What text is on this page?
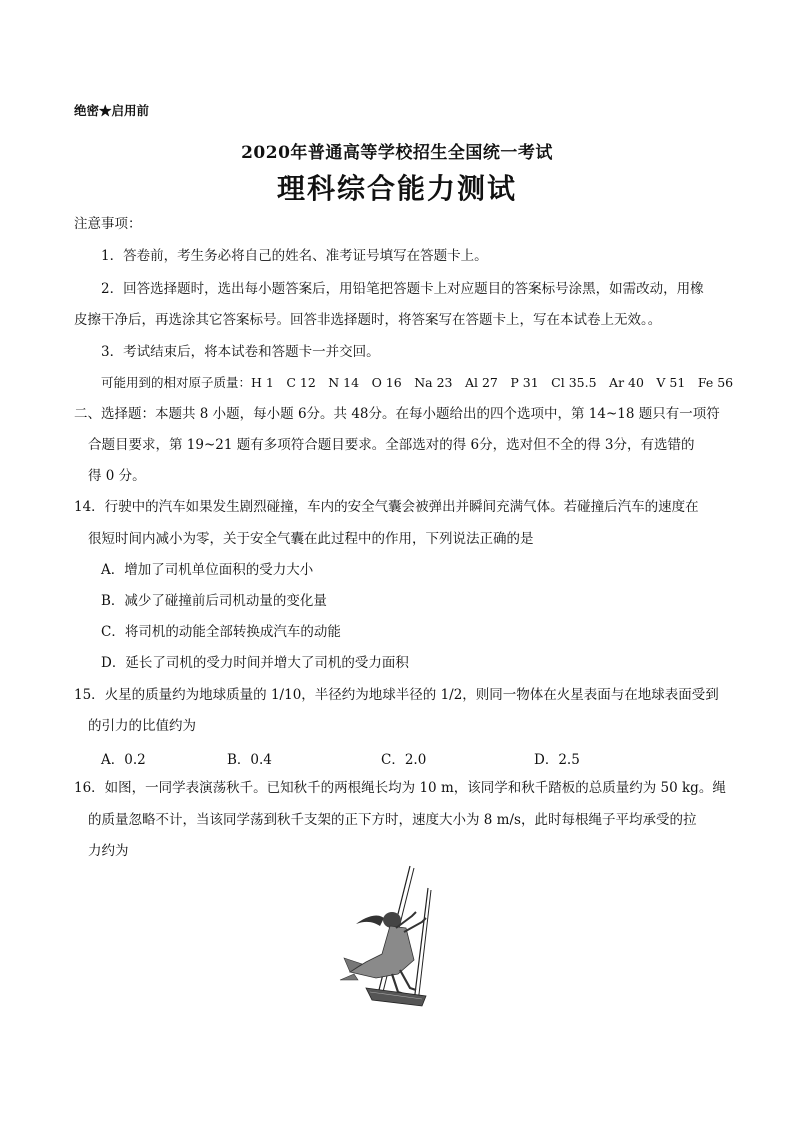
绝密★启用前
2020年普通高等学校招生全国统一考试
理科综合能力测试
注意事项：
1．答卷前，考生务必将自己的姓名、准考证号填写在答题卡上。
2．回答选择题时，选出每小题答案后，用铅笔把答题卡上对应题目的答案标号涂黑，如需改动，用橡
皮擦干净后，再选涂其它答案标号。回答非选择题时，将答案写在答题卡上，写在本试卷上无效。。
3．考试结束后，将本试卷和答题卡一并交回。
可能用到的相对原子质量：H 1　C 12　N 14　O 16　Na 23　Al 27　P 31　Cl 35.5　Ar 40　V 51　Fe 56
二、选择题：本题共 8 小题，每小题 6分。共 48分。在每小题给出的四个选项中，第 14~18 题只有一项符
合题目要求，第 19~21 题有多项符合题目要求。全部选对的得 6分，选对但不全的得 3分，有选错的
得 0 分。
14．行驶中的汽车如果发生剧烈碰撞，车内的安全气囊会被弹出并瞬间充满气体。若碰撞后汽车的速度在
很短时间内减小为零，关于安全气囊在此过程中的作用，下列说法正确的是
A．增加了司机单位面积的受力大小
B．减少了碰撞前后司机动量的变化量
C．将司机的动能全部转换成汽车的动能
D．延长了司机的受力时间并增大了司机的受力面积
15．火星的质量约为地球质量的 1/10，半径约为地球半径的 1/2，则同一物体在火星表面与在地球表面受到
的引力的比值约为
A．0.2	B．0.4	C．2.0	D．2.5
16．如图，一同学表演荡秋千。已知秋千的两根绳长均为 10 m，该同学和秋千踏板的总质量约为 50 kg。绳
的质量忽略不计，当该同学荡到秋千支架的正下方时，速度大小为 8 m/s，此时每根绳子平均承受的拉
力约为
